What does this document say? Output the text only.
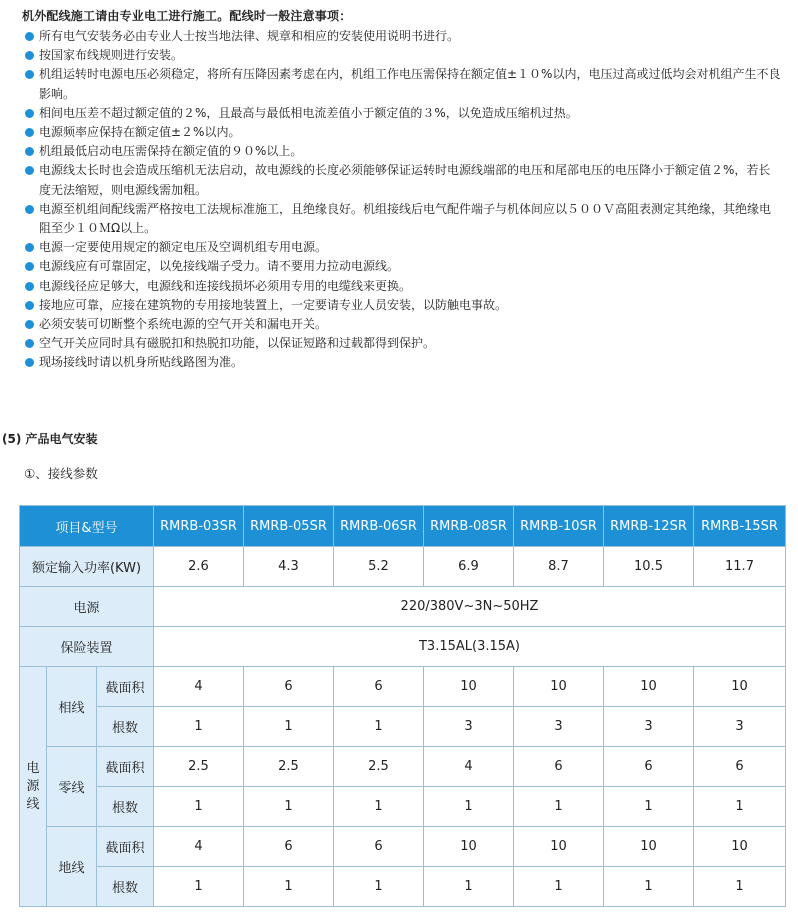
机外配线施工请由专业电工进行施工。配线时一般注意事项：
所有电气安装务必由专业人士按当地法律、规章和相应的安装使用说明书进行。
按国家布线规则进行安装。
机组运转时电源电压必须稳定，将所有压降因素考虑在内，机组工作电压需保持在额定值±１０%以内，电压过高或过低均会对机组产生不良影响。
相间电压差不超过额定值的２%，且最高与最低相电流差值小于额定值的３%，以免造成压缩机过热。
电源频率应保持在额定值±２%以内。
机组最低启动电压需保持在额定值的９０%以上。
电源线太长时也会造成压缩机无法启动，故电源线的长度必须能够保证运转时电源线端部的电压和尾部电压的电压降小于额定值２%，若长度无法缩短，则电源线需加粗。
电源至机组间配线需严格按电工法规标准施工，且绝缘良好。机组接线后电气配件端子与机体间应以５００Ｖ高阻表测定其绝缘，其绝缘电阻至少１０ＭΩ以上。
电源一定要使用规定的额定电压及空调机组专用电源。
电源线应有可靠固定，以免接线端子受力。请不要用力拉动电源线。
电源线径应足够大，电源线和连接线损坏必须用专用的电缆线来更换。
接地应可靠，应接在建筑物的专用接地装置上，一定要请专业人员安装，以防触电事故。
必须安装可切断整个系统电源的空气开关和漏电开关。
空气开关应同时具有磁脱扣和热脱扣功能，以保证短路和过载都得到保护。
现场接线时请以机身所贴线路图为准。
(5) 产品电气安装
①、接线参数
项目&型号			RMRB-03SR	RMRB-05SR	RMRB-06SR	RMRB-08SR	RMRB-10SR	RMRB-12SR	RMRB-15SR
额定输入功率(KW)			2.6	4.3	5.2	6.9	8.7	10.5	11.7
电源			220/380V~3N~50HZ						
保险装置			T3.15AL(3.15A)						
电源线	相线	截面积	4	6	6	10	10	10	10
		根数	1	1	1	3	3	3	3
	零线	截面积	2.5	2.5	2.5	4	6	6	6
		根数	1	1	1	1	1	1	1
	地线	截面积	4	6	6	10	10	10	10
		根数	1	1	1	1	1	1	1
